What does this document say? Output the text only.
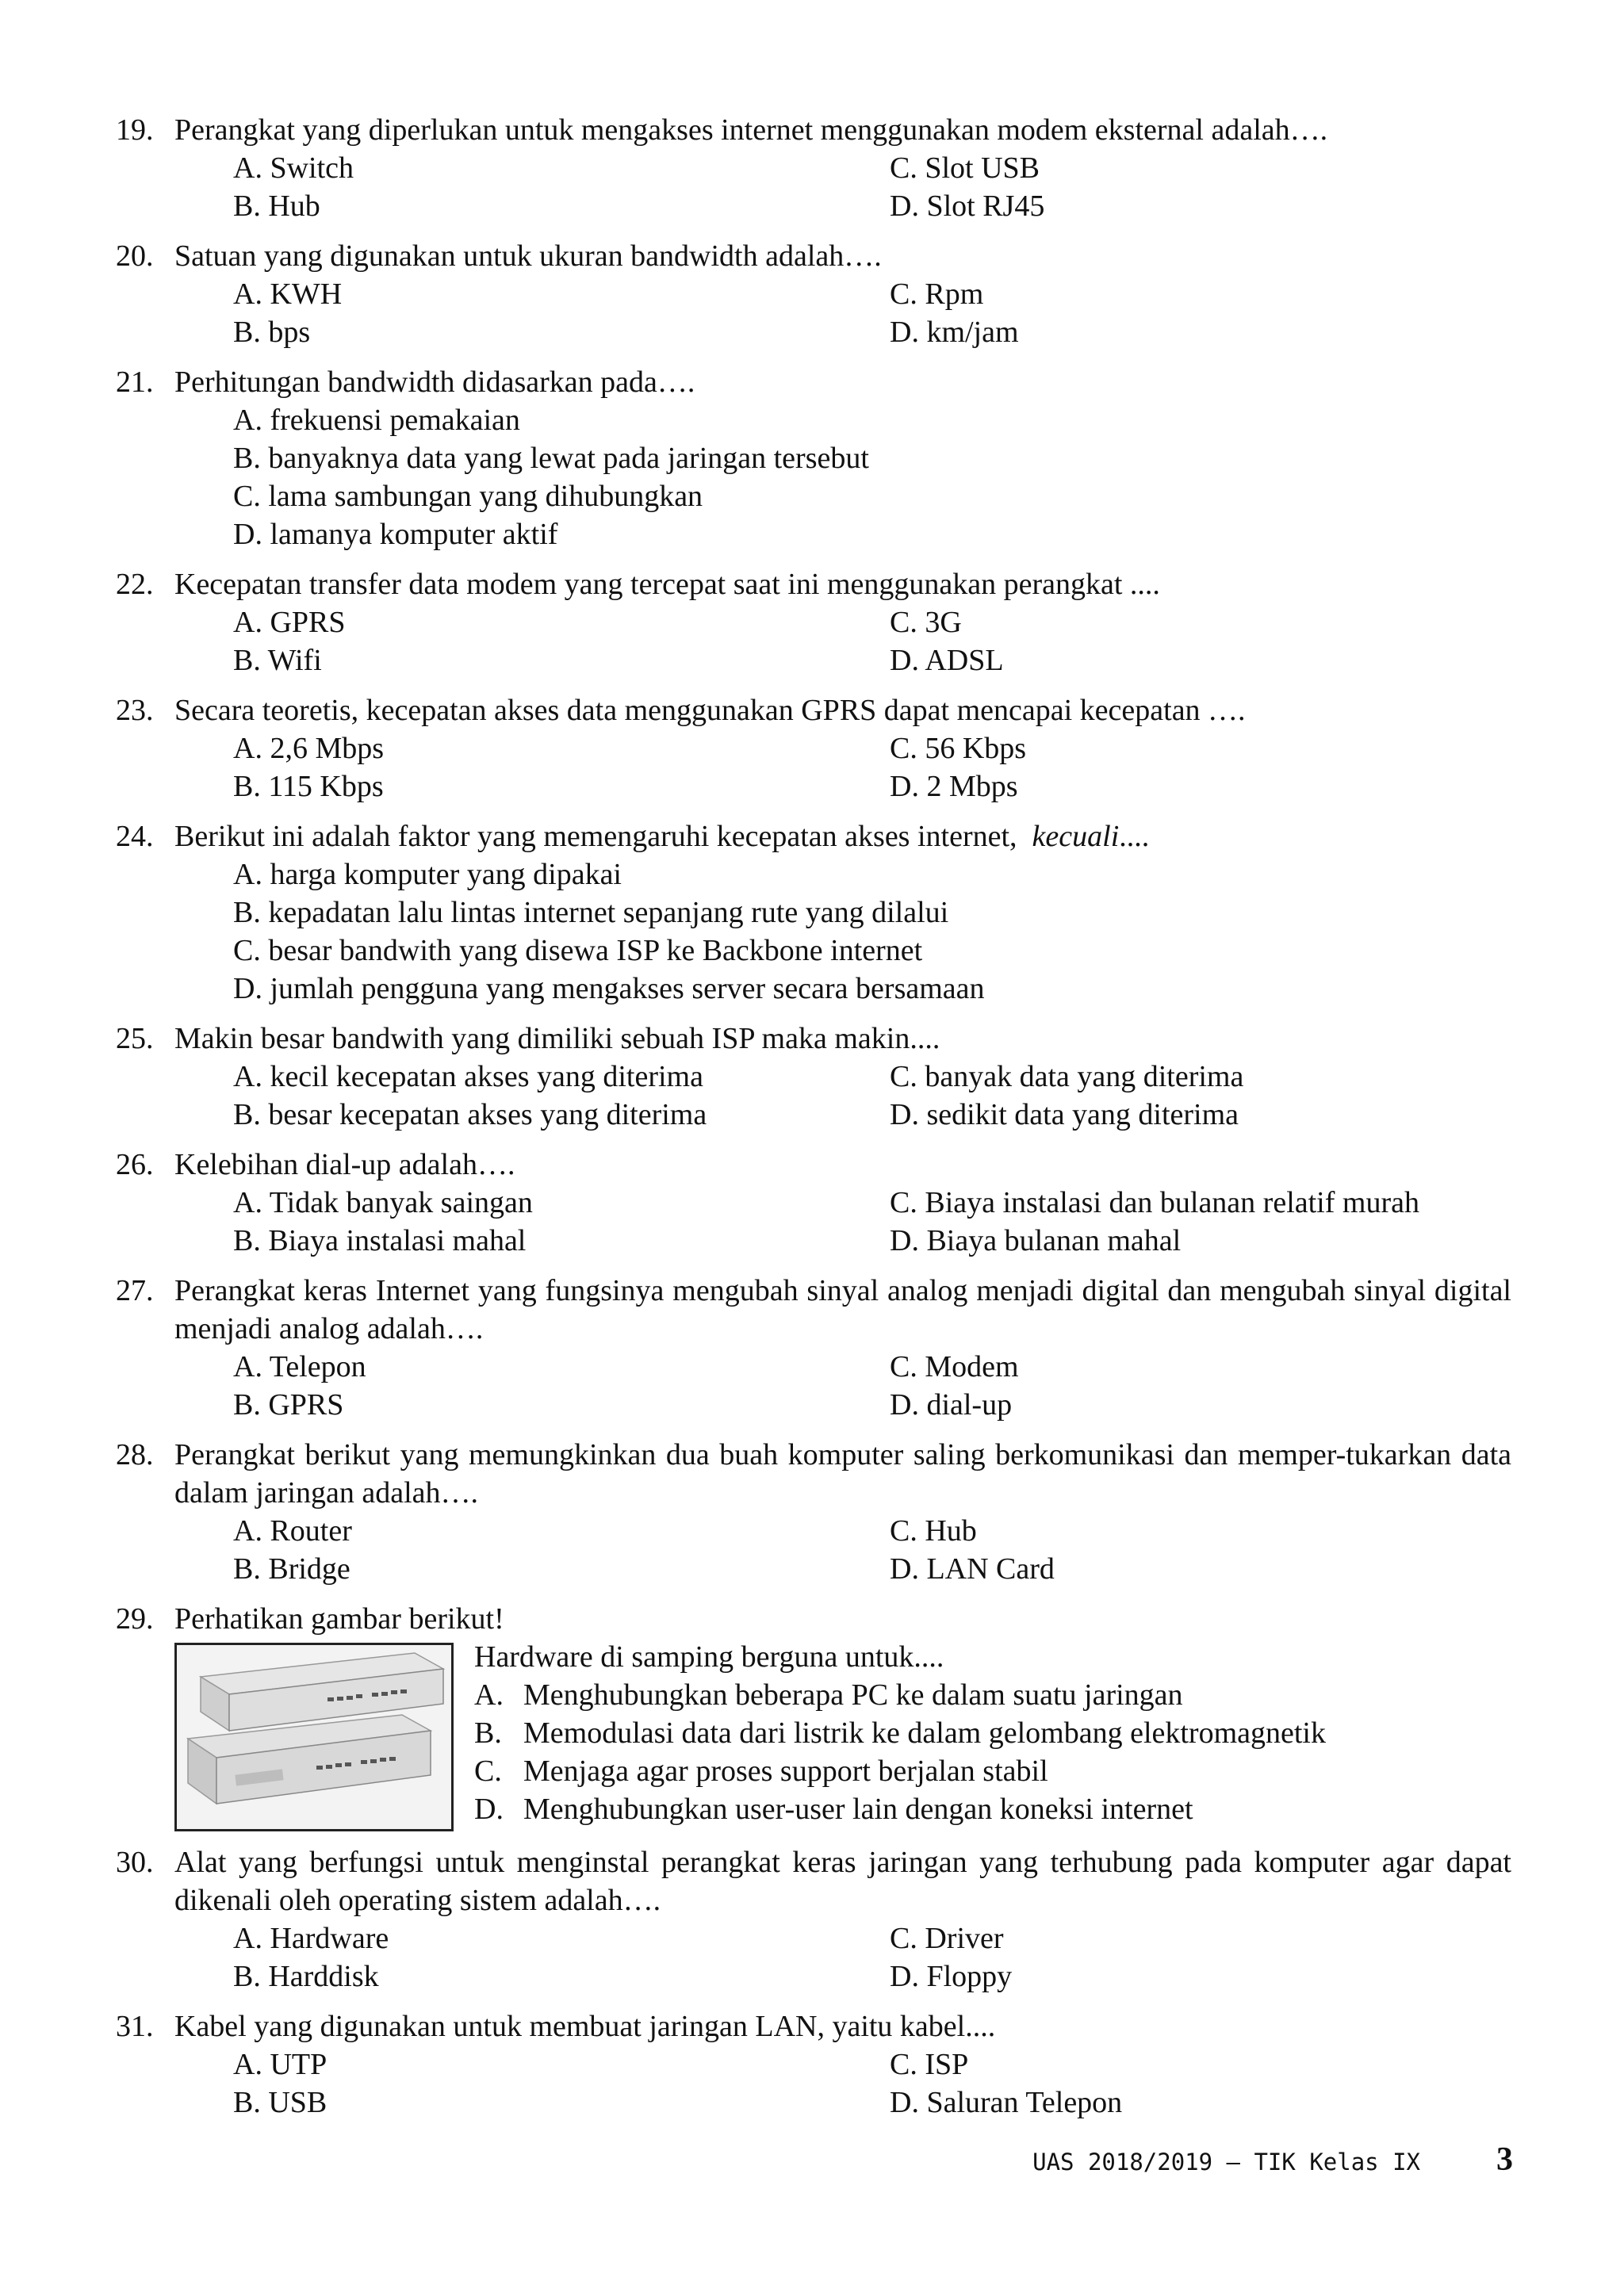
19. Perangkat yang diperlukan untuk mengakses internet menggunakan modem eksternal adalah….
A. Switch	C. Slot USB
B. Hub	D. Slot RJ45
20. Satuan yang digunakan untuk ukuran bandwidth adalah….
A. KWH	C. Rpm
B. bps	D. km/jam
21. Perhitungan bandwidth didasarkan pada….
A. frekuensi pemakaian
B. banyaknya data yang lewat pada jaringan tersebut
C. lama sambungan yang dihubungkan
D. lamanya komputer aktif
22. Kecepatan transfer data modem yang tercepat saat ini menggunakan perangkat ....
A. GPRS	C. 3G
B. Wifi	D. ADSL
23. Secara teoretis, kecepatan akses data menggunakan GPRS dapat mencapai kecepatan ….
A. 2,6 Mbps	C. 56 Kbps
B. 115 Kbps	D. 2 Mbps
24. Berikut ini adalah faktor yang memengaruhi kecepatan akses internet, kecuali....
A. harga komputer yang dipakai
B. kepadatan lalu lintas internet sepanjang rute yang dilalui
C. besar bandwith yang disewa ISP ke Backbone internet
D. jumlah pengguna yang mengakses server secara bersamaan
25. Makin besar bandwith yang dimiliki sebuah ISP maka makin....
A. kecil kecepatan akses yang diterima	C. banyak data yang diterima
B. besar kecepatan akses yang diterima	D. sedikit data yang diterima
26. Kelebihan dial-up adalah….
A. Tidak banyak saingan	C. Biaya instalasi dan bulanan relatif murah
B. Biaya instalasi mahal	D. Biaya bulanan mahal
27. Perangkat keras Internet yang fungsinya mengubah sinyal analog menjadi digital dan mengubah sinyal digital menjadi analog adalah….
A. Telepon	C. Modem
B. GPRS	D. dial-up
28. Perangkat berikut yang memungkinkan dua buah komputer saling berkomunikasi dan memper-tukarkan data dalam jaringan adalah….
A. Router	C. Hub
B. Bridge	D. LAN Card
29. Perhatikan gambar berikut!
Hardware di samping berguna untuk....
A. Menghubungkan beberapa PC ke dalam suatu jaringan
B. Memodulasi data dari listrik ke dalam gelombang elektromagnetik
C. Menjaga agar proses support berjalan stabil
D. Menghubungkan user-user lain dengan koneksi internet
30. Alat yang berfungsi untuk menginstal perangkat keras jaringan yang terhubung pada komputer agar dapat dikenali oleh operating sistem adalah….
A. Hardware	C. Driver
B. Harddisk	D. Floppy
31. Kabel yang digunakan untuk membuat jaringan LAN, yaitu kabel....
A. UTP	C. ISP
B. USB	D. Saluran Telepon
UAS 2018/2019 – TIK Kelas IX 3
